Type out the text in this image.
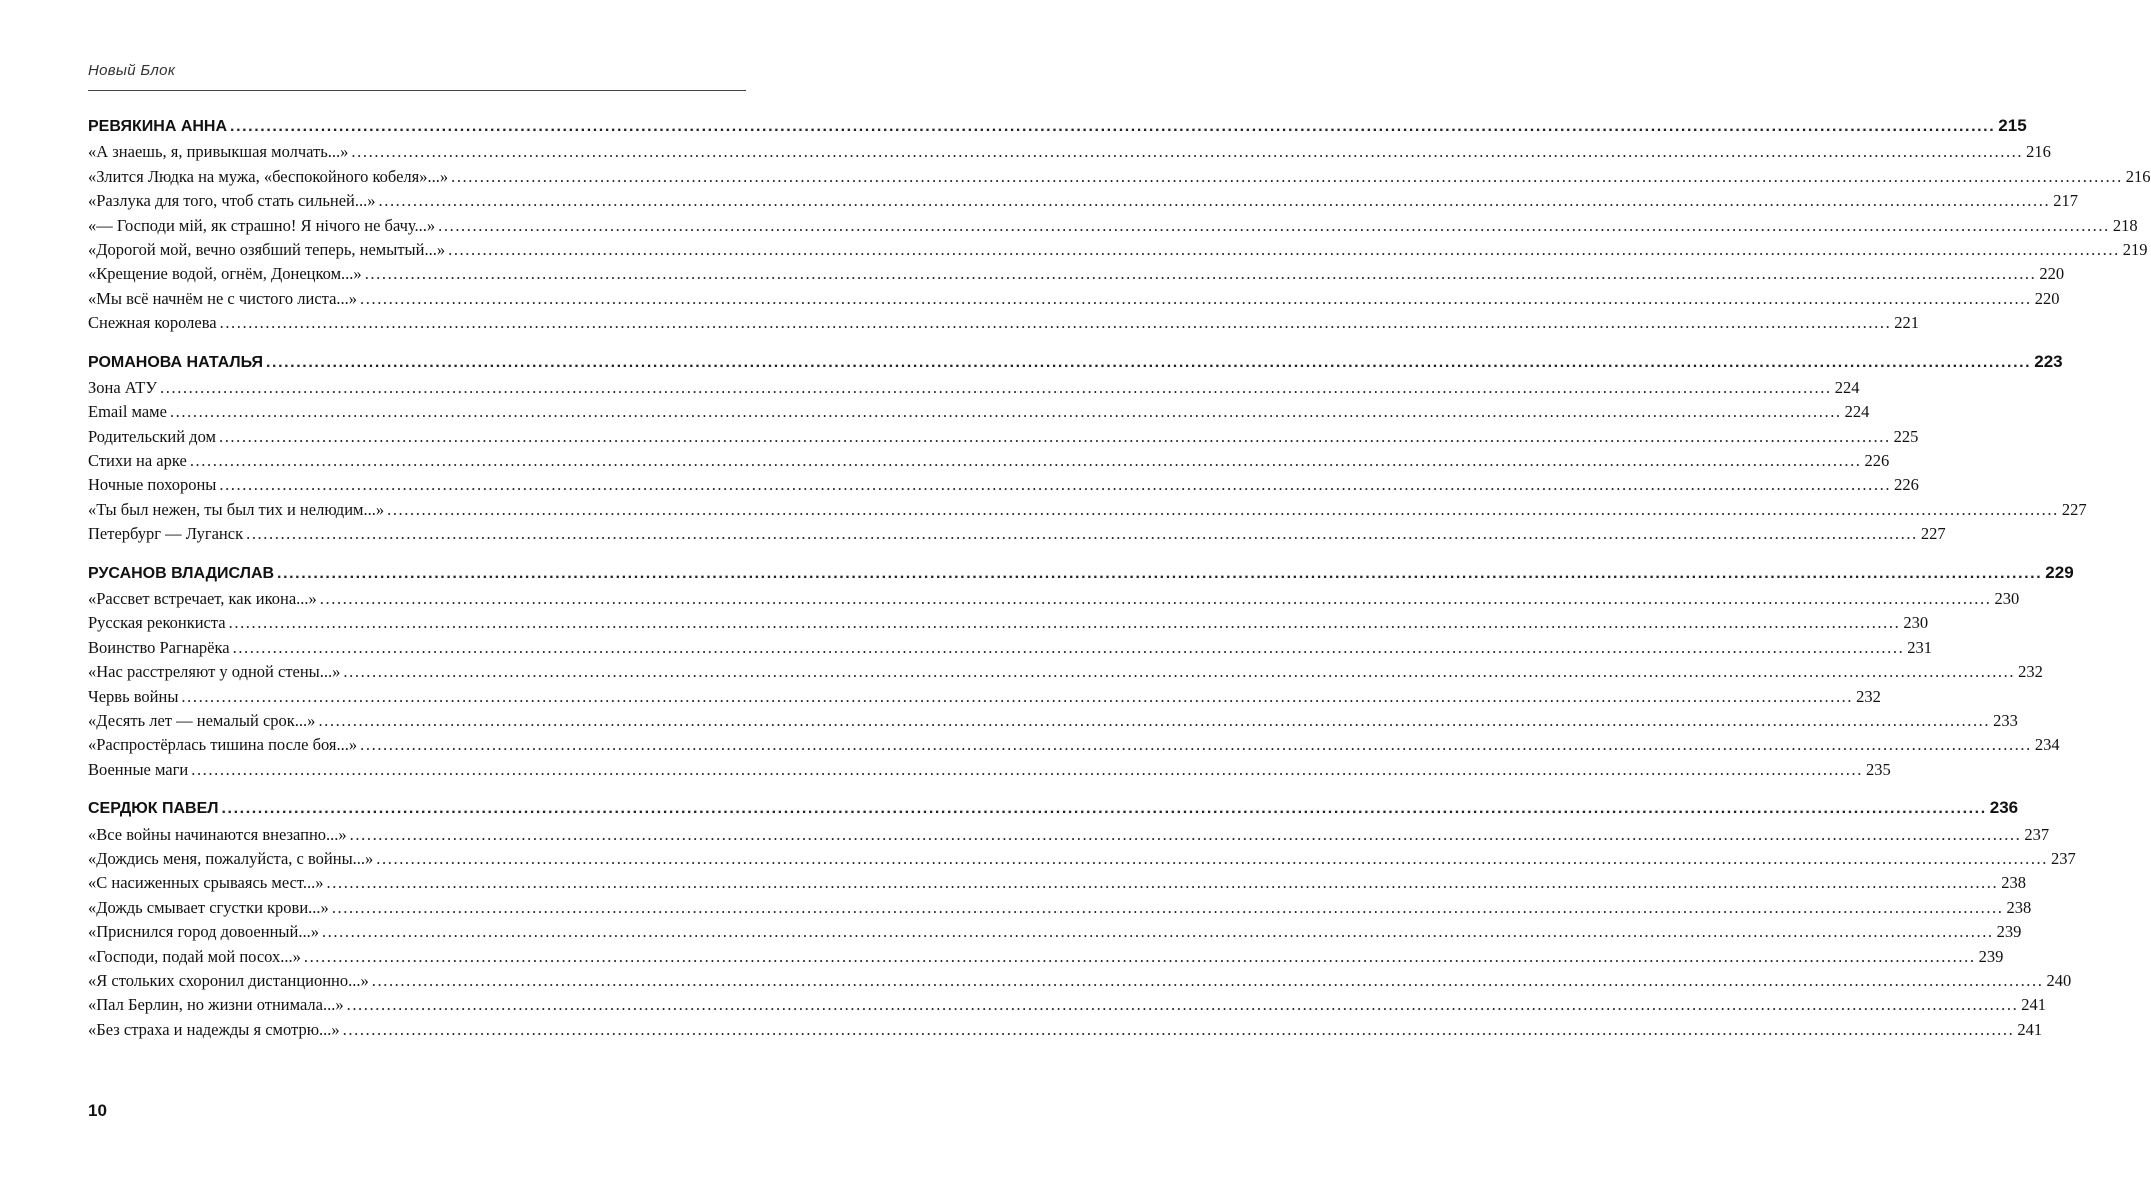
Новый Блок
РЕВЯКИНА АННА .....	215
«А знаешь, я, привыкшая молчать...» .....	216
«Злится Людка на мужа, «беспокойного кобеля»...» .....	216
«Разлука для того, чтоб стать сильней...» .....	217
«— Господи мій, як страшно! Я нічого не бачу...» .....	218
«Дорогой мой, вечно озябший теперь, немытый...» .....	219
«Крещение водой, огнём, Донецком...» .....	220
«Мы всё начнём не с чистого листа...» .....	220
Снежная королева .....	221
РОМАНОВА НАТАЛЬЯ .....	223
Зона АТУ .....	224
Email маме .....	224
Родительский дом .....	225
Стихи на арке .....	226
Ночные похороны .....	226
«Ты был нежен, ты был тих и нелюдим...» .....	227
Петербург — Луганск .....	227
РУСАНОВ ВЛАДИСЛАВ .....	229
«Рассвет встречает, как икона...» .....	230
Русская реконкиста .....	230
Воинство Рагнарёка .....	231
«Нас расстреляют у одной стены...» .....	232
Червь войны .....	232
«Десять лет — немалый срок...» .....	233
«Распростёрлась тишина после боя...» .....	234
Военные маги .....	235
СЕРДЮК ПАВЕЛ .....	236
«Все войны начинаются внезапно...» .....	237
«Дождись меня, пожалуйста, с войны...» .....	237
«С насиженных срываясь мест...» .....	238
«Дождь смывает сгустки крови...» .....	238
«Приснился город довоенный...» .....	239
«Господи, подай мой посох...» .....	239
«Я стольких схоронил дистанционно...» .....	240
«Пал Берлин, но жизни отнимала...» .....	241
«Без страха и надежды я смотрю...» .....	241
10
